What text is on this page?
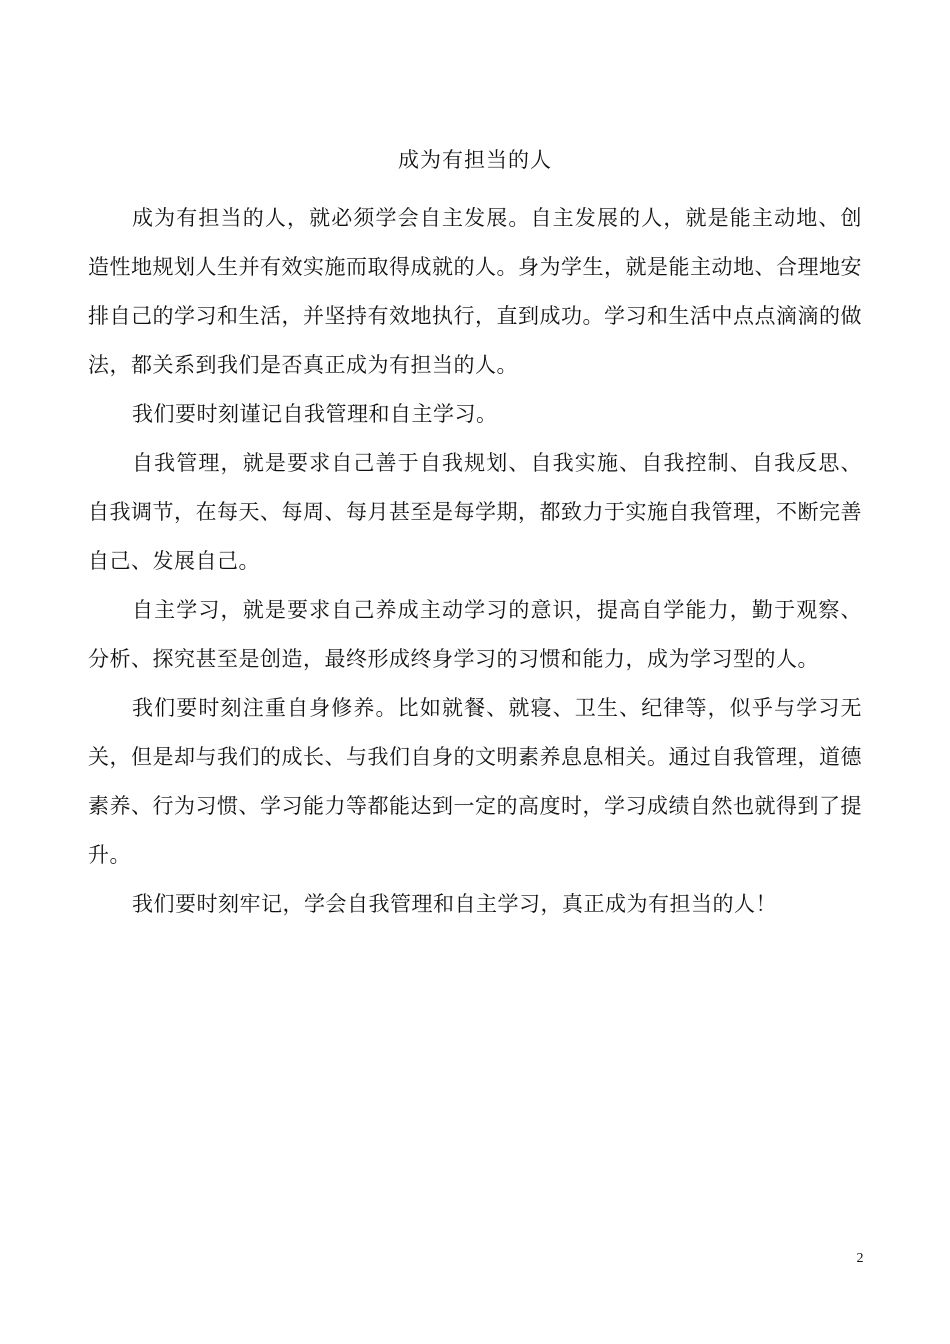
成为有担当的人

成为有担当的人，就必须学会自主发展。自主发展的人，就是能主动地、创造性地规划人生并有效实施而取得成就的人。身为学生，就是能主动地、合理地安排自己的学习和生活，并坚持有效地执行，直到成功。学习和生活中点点滴滴的做法，都关系到我们是否真正成为有担当的人。

我们要时刻谨记自我管理和自主学习。

自我管理，就是要求自己善于自我规划、自我实施、自我控制、自我反思、自我调节，在每天、每周、每月甚至是每学期，都致力于实施自我管理，不断完善自己、发展自己。

自主学习，就是要求自己养成主动学习的意识，提高自学能力，勤于观察、分析、探究甚至是创造，最终形成终身学习的习惯和能力，成为学习型的人。

我们要时刻注重自身修养。比如就餐、就寝、卫生、纪律等，似乎与学习无关，但是却与我们的成长、与我们自身的文明素养息息相关。通过自我管理，道德素养、行为习惯、学习能力等都能达到一定的高度时，学习成绩自然也就得到了提升。

我们要时刻牢记，学会自我管理和自主学习，真正成为有担当的人！

2
